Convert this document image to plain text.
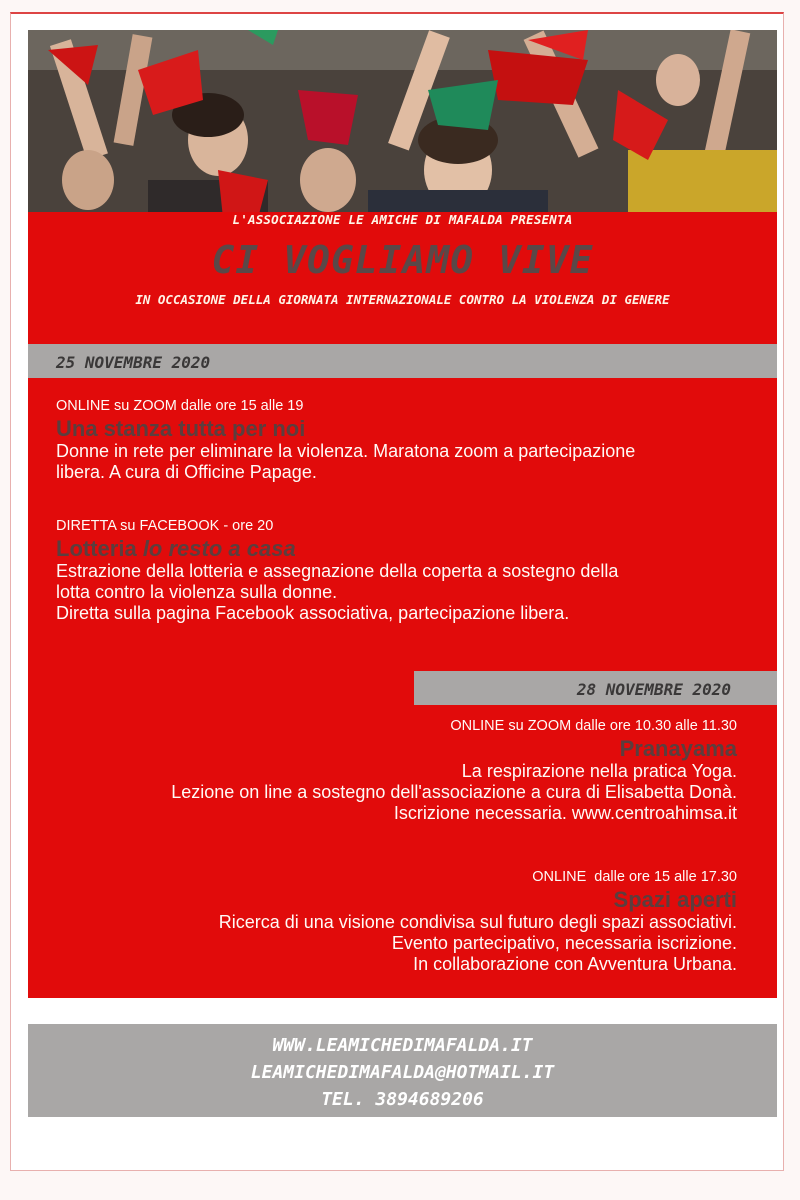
L'ASSOCIAZIONE LE AMICHE DI MAFALDA PRESENTA
CI VOGLIAMO VIVE
IN OCCASIONE DELLA GIORNATA INTERNAZIONALE CONTRO LA VIOLENZA DI GENERE
25 NOVEMBRE 2020
ONLINE su ZOOM dalle ore 15 alle 19
Una stanza tutta per noi
Donne in rete per eliminare la violenza. Maratona zoom a partecipazione
libera. A cura di Officine Papage.
DIRETTA su FACEBOOK - ore 20
Lotteria lo resto a casa
Estrazione della lotteria e assegnazione della coperta a sostegno della
lotta contro la violenza sulla donne.
Diretta sulla pagina Facebook associativa, partecipazione libera.
28 NOVEMBRE 2020
ONLINE su ZOOM dalle ore 10.30 alle 11.30
Pranayama
La respirazione nella pratica Yoga.
Lezione on line a sostegno dell'associazione a cura di Elisabetta Donà.
Iscrizione necessaria. www.centroahimsa.it
ONLINE  dalle ore 15 alle 17.30
Spazi aperti
Ricerca di una visione condivisa sul futuro degli spazi associativi.
Evento partecipativo, necessaria iscrizione.
In collaborazione con Avventura Urbana.
WWW.LEAMICHEDIMAFALDA.IT
LEAMICHEDIMAFALDA@HOTMAIL.IT
TEL. 3894689206
